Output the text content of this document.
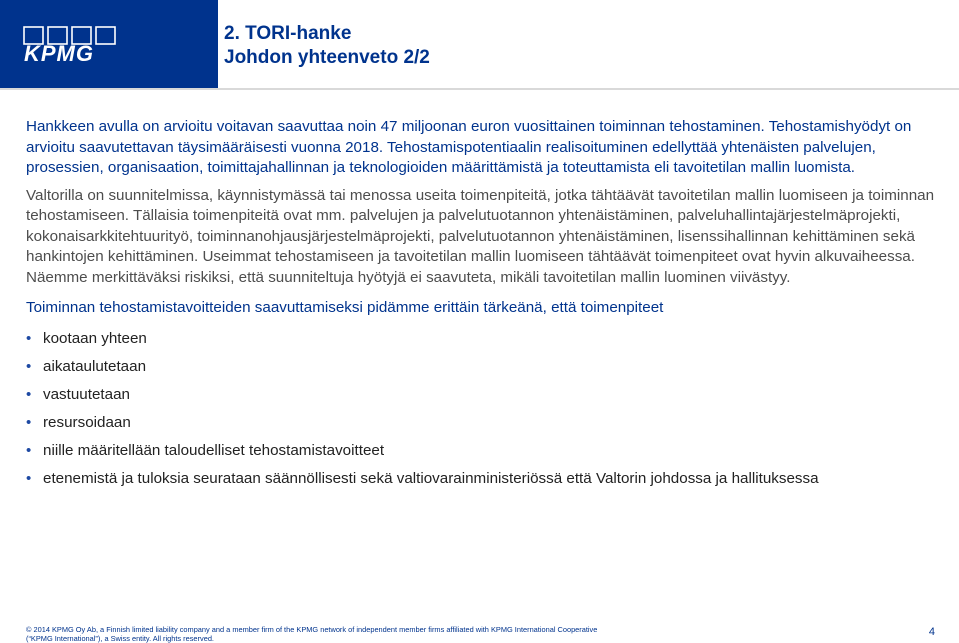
KPMG
2. TORI-hanke
Johdon yhteenveto 2/2

Hankkeen avulla on arvioitu voitavan saavuttaa noin 47 miljoonan euron vuosittainen toiminnan tehostaminen. Tehostamishyödyt on arvioitu saavutettavan täysimääräisesti vuonna 2018. Tehostamispotentiaalin realisoituminen edellyttää yhtenäisten palvelujen, prosessien, organisaation, toimittajahallinnan ja teknologioiden määrittämistä ja toteuttamista eli tavoitetilan mallin luomista.

Valtorilla on suunnitelmissa, käynnistymässä tai menossa useita toimenpiteitä, jotka tähtäävät tavoitetilan mallin luomiseen ja toiminnan tehostamiseen. Tällaisia toimenpiteitä ovat mm. palvelujen ja palvelutuotannon yhtenäistäminen, palveluhallintajärjestelmäprojekti, kokonaisarkkitehtuurityö, toiminnanohjausjärjestelmäprojekti, palvelutuotannon yhtenäistäminen, lisenssihallinnan kehittäminen sekä hankintojen kehittäminen. Useimmat tehostamiseen ja tavoitetilan mallin luomiseen tähtäävät toimenpiteet ovat hyvin alkuvaiheessa. Näemme merkittäväksi riskiksi, että suunniteltuja hyötyjä ei saavuteta, mikäli tavoitetilan mallin luominen viivästyy.

Toiminnan tehostamistavoitteiden saavuttamiseksi pidämme erittäin tärkeänä, että toimenpiteet

• kootaan yhteen
• aikataulutetaan
• vastuutetaan
• resursoidaan
• niille määritellään taloudelliset tehostamistavoitteet
• etenemistä ja tuloksia seurataan säännöllisesti sekä valtiovarainministeriössä että Valtorin johdossa ja hallituksessa
© 2014 KPMG Oy Ab, a Finnish limited liability company and a member firm of the KPMG network of independent member firms affiliated with KPMG International Cooperative
(“KPMG International”), a Swiss entity. All rights reserved.
4
